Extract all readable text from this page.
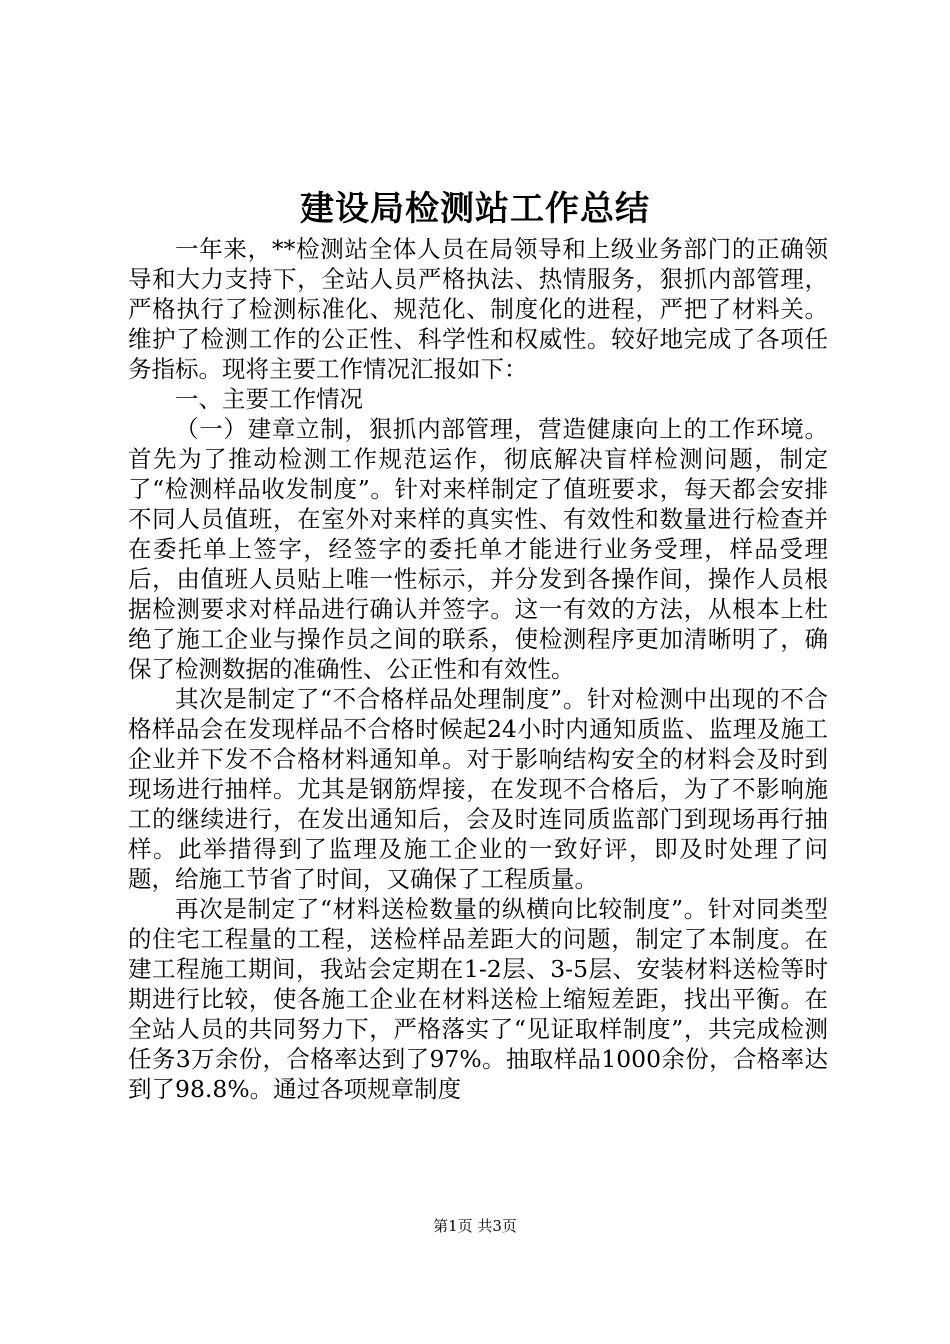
建设局检测站工作总结

一年来，**检测站全体人员在局领导和上级业务部门的正确领导和大力支持下，全站人员严格执法、热情服务，狠抓内部管理，严格执行了检测标准化、规范化、制度化的进程，严把了材料关。维护了检测工作的公正性、科学性和权威性。较好地完成了各项任务指标。现将主要工作情况汇报如下：

一、主要工作情况

（一）建章立制，狠抓内部管理，营造健康向上的工作环境。首先为了推动检测工作规范运作，彻底解决盲样检测问题，制定了“检测样品收发制度”。针对来样制定了值班要求，每天都会安排不同人员值班，在室外对来样的真实性、有效性和数量进行检查并在委托单上签字，经签字的委托单才能进行业务受理，样品受理后，由值班人员贴上唯一性标示，并分发到各操作间，操作人员根据检测要求对样品进行确认并签字。这一有效的方法，从根本上杜绝了施工企业与操作员之间的联系，使检测程序更加清晰明了，确保了检测数据的准确性、公正性和有效性。

其次是制定了“不合格样品处理制度”。针对检测中出现的不合格样品会在发现样品不合格时候起24小时内通知质监、监理及施工企业并下发不合格材料通知单。对于影响结构安全的材料会及时到现场进行抽样。尤其是钢筋焊接，在发现不合格后，为了不影响施工的继续进行，在发出通知后，会及时连同质监部门到现场再行抽样。此举措得到了监理及施工企业的一致好评，即及时处理了问题，给施工节省了时间，又确保了工程质量。

再次是制定了“材料送检数量的纵横向比较制度”。针对同类型的住宅工程量的工程，送检样品差距大的问题，制定了本制度。在建工程施工期间，我站会定期在1-2层、3-5层、安装材料送检等时期进行比较，使各施工企业在材料送检上缩短差距，找出平衡。在全站人员的共同努力下，严格落实了“见证取样制度”，共完成检测任务3万余份，合格率达到了97%。抽取样品1000余份，合格率达到了98.8%。通过各项规章制度

第1页 共3页
